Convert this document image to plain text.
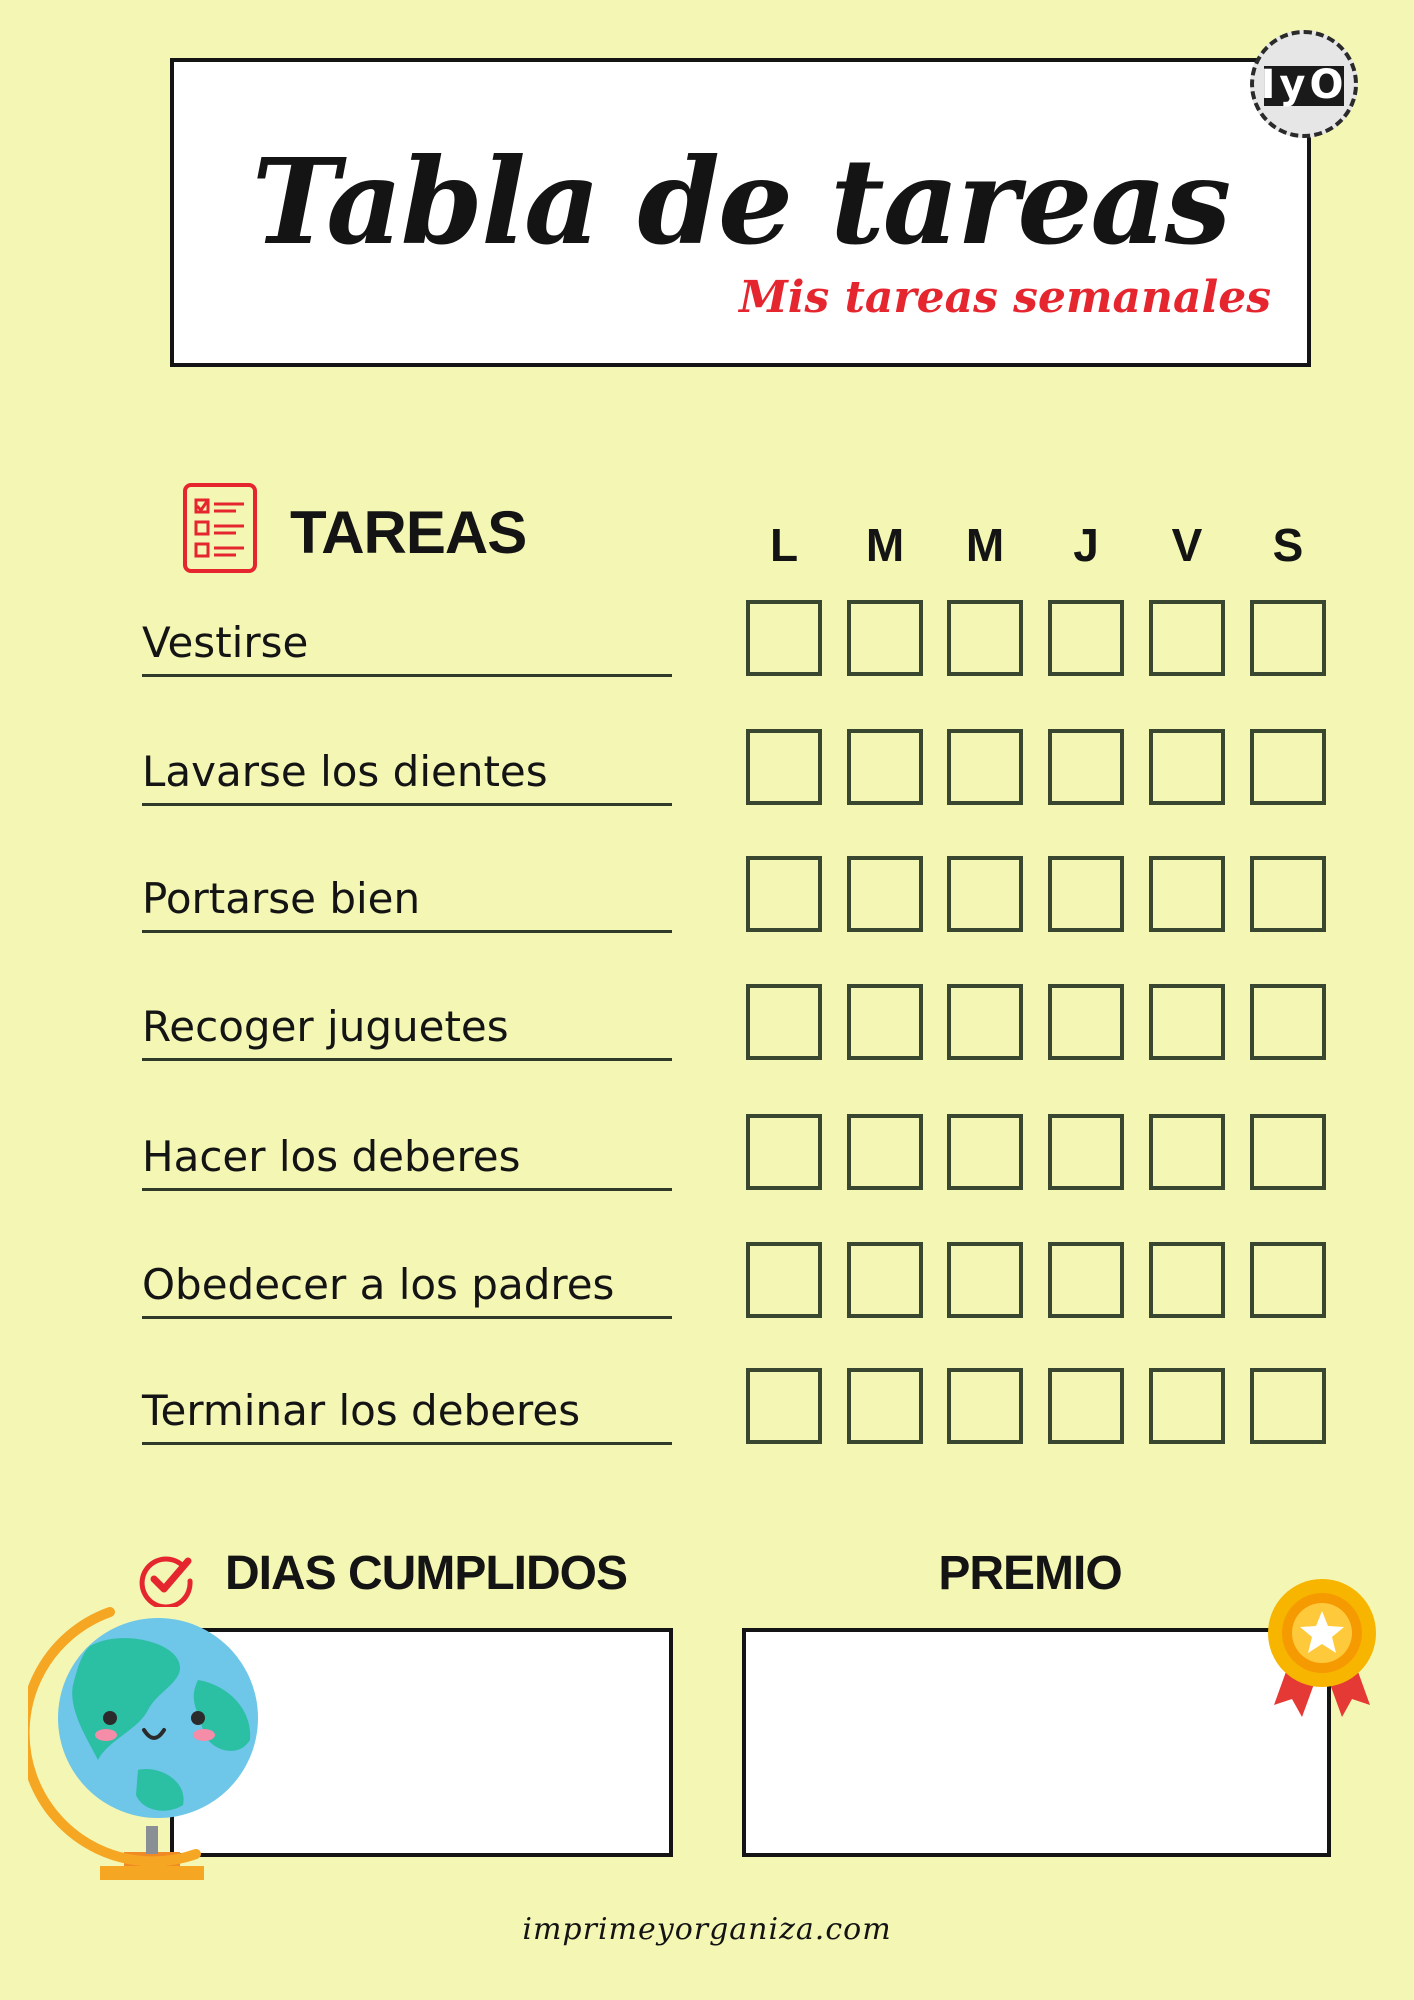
Tabla de tareas
Mis tareas semanales
IyO
TAREAS	L	M	M	J	V	S
Vestirse
Lavarse los dientes
Portarse bien
Recoger juguetes
Hacer los deberes
Obedecer a los padres
Terminar los deberes
DIAS CUMPLIDOS	PREMIO
imprimeyorganiza.com
